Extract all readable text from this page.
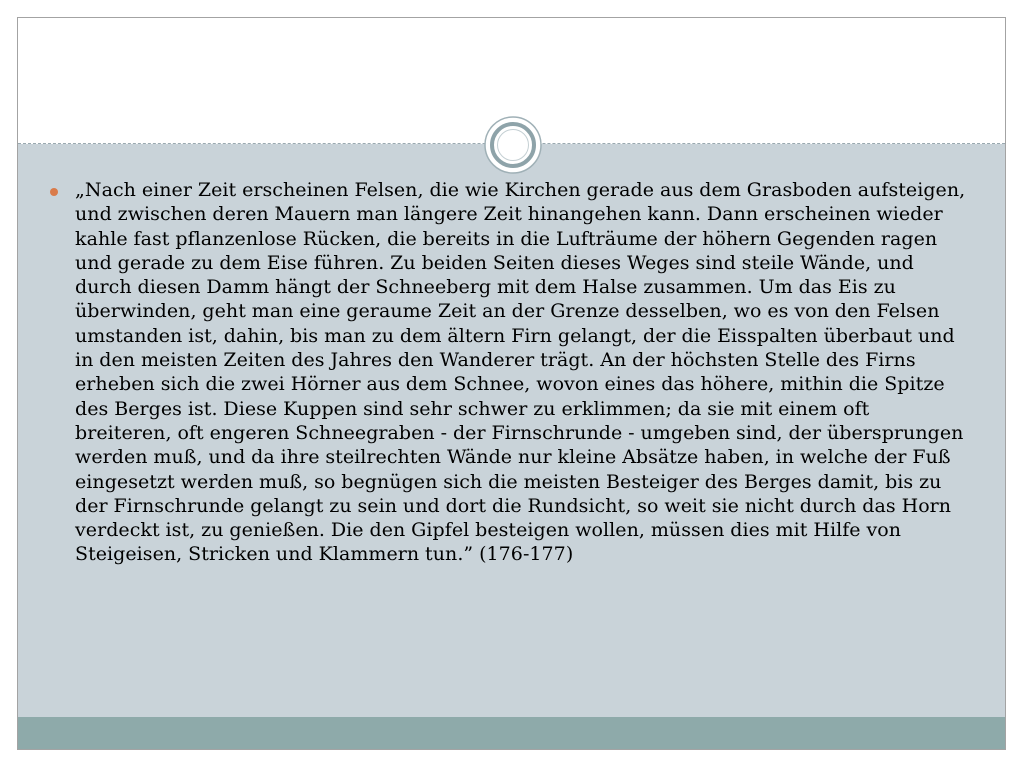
„Nach einer Zeit erscheinen Felsen, die wie Kirchen gerade aus dem Grasboden aufsteigen, und zwischen deren Mauern man längere Zeit hinangehen kann. Dann erscheinen wieder kahle fast pflanzenlose Rücken, die bereits in die Lufträume der höhern Gegenden ragen und gerade zu dem Eise führen. Zu beiden Seiten dieses Weges sind steile Wände, und durch diesen Damm hängt der Schneeberg mit dem Halse zusammen. Um das Eis zu überwinden, geht man eine geraume Zeit an der Grenze desselben, wo es von den Felsen umstanden ist, dahin, bis man zu dem ältern Firn gelangt, der die Eisspalten überbaut und in den meisten Zeiten des Jahres den Wanderer trägt. An der höchsten Stelle des Firns erheben sich die zwei Hörner aus dem Schnee, wovon eines das höhere, mithin die Spitze des Berges ist. Diese Kuppen sind sehr schwer zu erklimmen; da sie mit einem oft breiteren, oft engeren Schneegraben - der Firnschrunde - umgeben sind, der übersprungen werden muß, und da ihre steilrechten Wände nur kleine Absätze haben, in welche der Fuß eingesetzt werden muß, so begnügen sich die meisten Besteiger des Berges damit, bis zu der Firnschrunde gelangt zu sein und dort die Rundsicht, so weit sie nicht durch das Horn verdeckt ist, zu genießen. Die den Gipfel besteigen wollen, müssen dies mit Hilfe von Steigeisen, Stricken und Klammern tun.” (176-177)
